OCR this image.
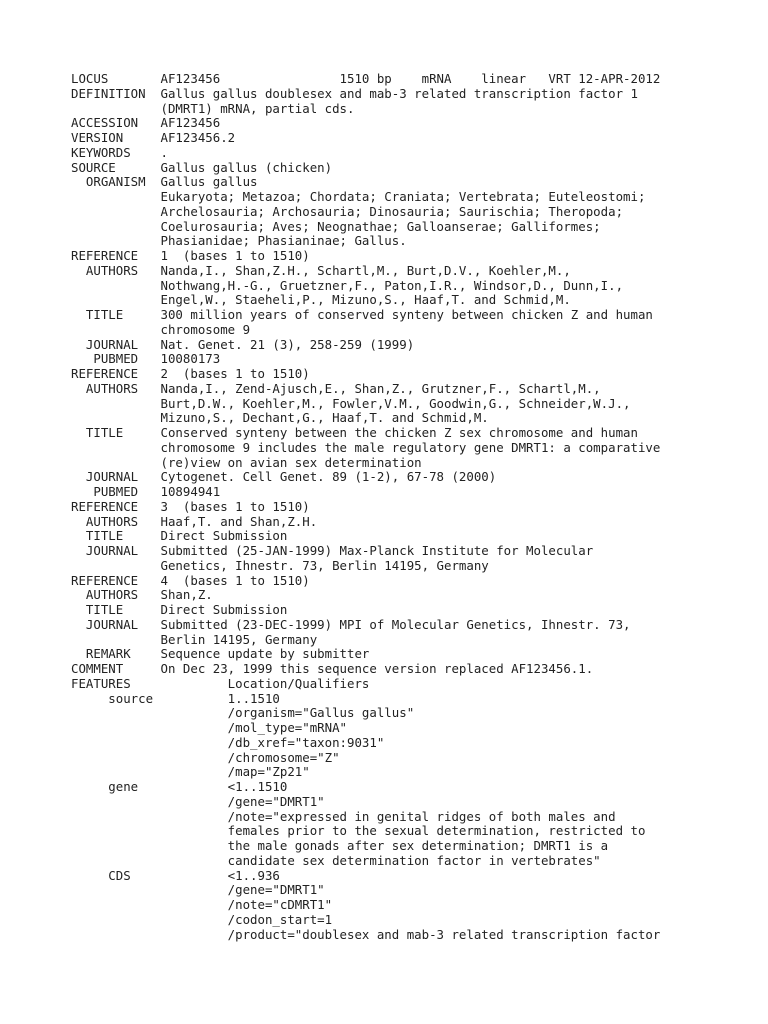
LOCUS       AF123456                1510 bp    mRNA    linear   VRT 12-APR-2012
DEFINITION  Gallus gallus doublesex and mab-3 related transcription factor 1
(DMRT1) mRNA, partial cds.
ACCESSION   AF123456
VERSION     AF123456.2
KEYWORDS    .
SOURCE      Gallus gallus (chicken)
ORGANISM  Gallus gallus
Eukaryota; Metazoa; Chordata; Craniata; Vertebrata; Euteleostomi;
Archelosauria; Archosauria; Dinosauria; Saurischia; Theropoda;
Coelurosauria; Aves; Neognathae; Galloanserae; Galliformes;
Phasianidae; Phasianinae; Gallus.
REFERENCE   1  (bases 1 to 1510)
AUTHORS   Nanda,I., Shan,Z.H., Schartl,M., Burt,D.V., Koehler,M.,
Nothwang,H.-G., Gruetzner,F., Paton,I.R., Windsor,D., Dunn,I.,
Engel,W., Staeheli,P., Mizuno,S., Haaf,T. and Schmid,M.
TITLE     300 million years of conserved synteny between chicken Z and human
chromosome 9
JOURNAL   Nat. Genet. 21 (3), 258-259 (1999)
PUBMED   10080173
REFERENCE   2  (bases 1 to 1510)
AUTHORS   Nanda,I., Zend-Ajusch,E., Shan,Z., Grutzner,F., Schartl,M.,
Burt,D.W., Koehler,M., Fowler,V.M., Goodwin,G., Schneider,W.J.,
Mizuno,S., Dechant,G., Haaf,T. and Schmid,M.
TITLE     Conserved synteny between the chicken Z sex chromosome and human
chromosome 9 includes the male regulatory gene DMRT1: a comparative
(re)view on avian sex determination
JOURNAL   Cytogenet. Cell Genet. 89 (1-2), 67-78 (2000)
PUBMED   10894941
REFERENCE   3  (bases 1 to 1510)
AUTHORS   Haaf,T. and Shan,Z.H.
TITLE     Direct Submission
JOURNAL   Submitted (25-JAN-1999) Max-Planck Institute for Molecular
Genetics, Ihnestr. 73, Berlin 14195, Germany
REFERENCE   4  (bases 1 to 1510)
AUTHORS   Shan,Z.
TITLE     Direct Submission
JOURNAL   Submitted (23-DEC-1999) MPI of Molecular Genetics, Ihnestr. 73,
Berlin 14195, Germany
REMARK    Sequence update by submitter
COMMENT     On Dec 23, 1999 this sequence version replaced AF123456.1.
FEATURES             Location/Qualifiers
source          1..1510
/organism="Gallus gallus"
/mol_type="mRNA"
/db_xref="taxon:9031"
/chromosome="Z"
/map="Zp21"
gene            <1..1510
/gene="DMRT1"
/note="expressed in genital ridges of both males and
females prior to the sexual determination, restricted to
the male gonads after sex determination; DMRT1 is a
candidate sex determination factor in vertebrates"
CDS             <1..936
/gene="DMRT1"
/note="cDMRT1"
/codon_start=1
/product="doublesex and mab-3 related transcription factor
